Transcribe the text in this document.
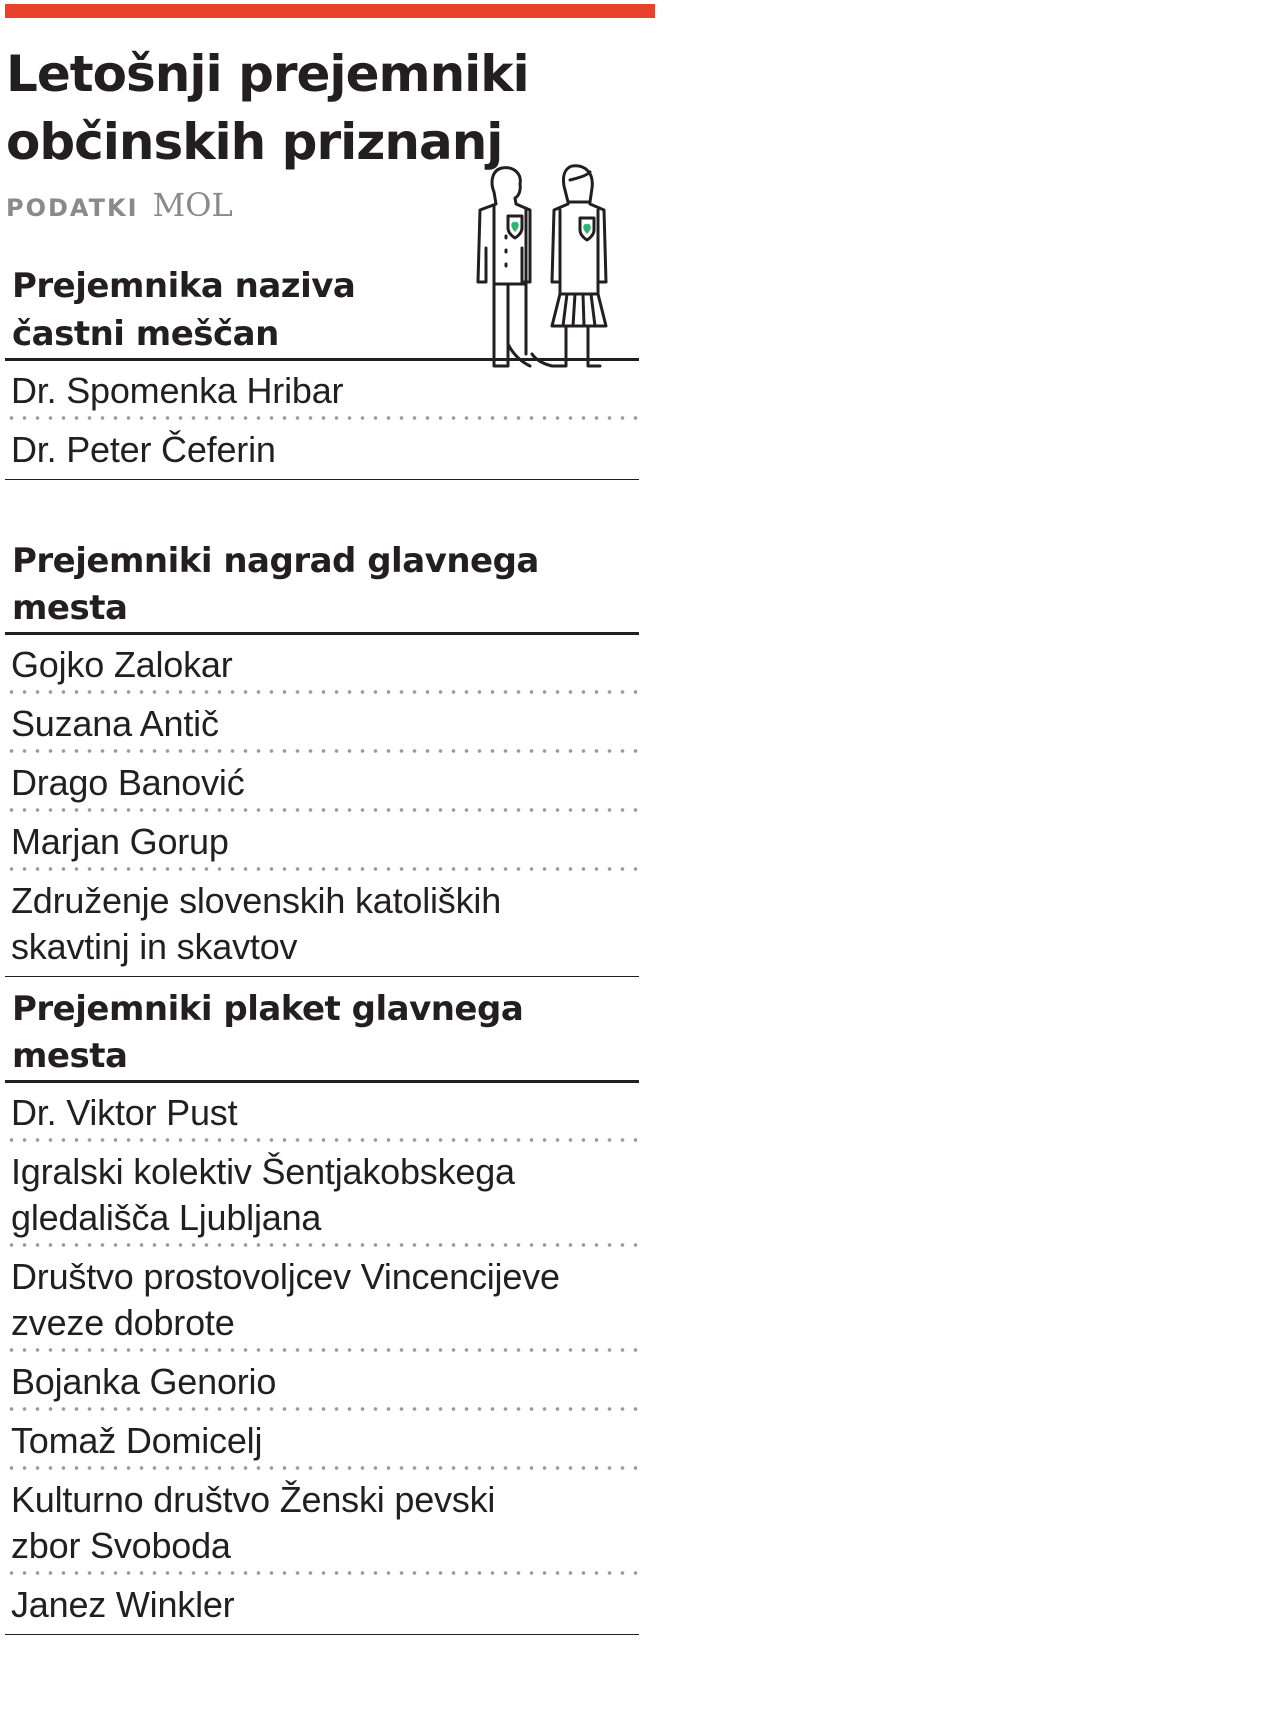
Letošnji prejemniki
občinskih priznanj
PODATKI MOL
Prejemnika naziva
častni meščan
Dr. Spomenka Hribar
Dr. Peter Čeferin
Prejemniki nagrad glavnega mesta
Gojko Zalokar
Suzana Antič
Drago Banović
Marjan Gorup
Združenje slovenskih katoliških skavtinj in skavtov
Prejemniki plaket glavnega mesta
Dr. Viktor Pust
Igralski kolektiv Šentjakobskega gledališča Ljubljana
Društvo prostovoljcev Vincencijeve zveze dobrote
Bojanka Genorio
Tomaž Domicelj
Kulturno društvo Ženski pevski zbor Svoboda
Janez Winkler
